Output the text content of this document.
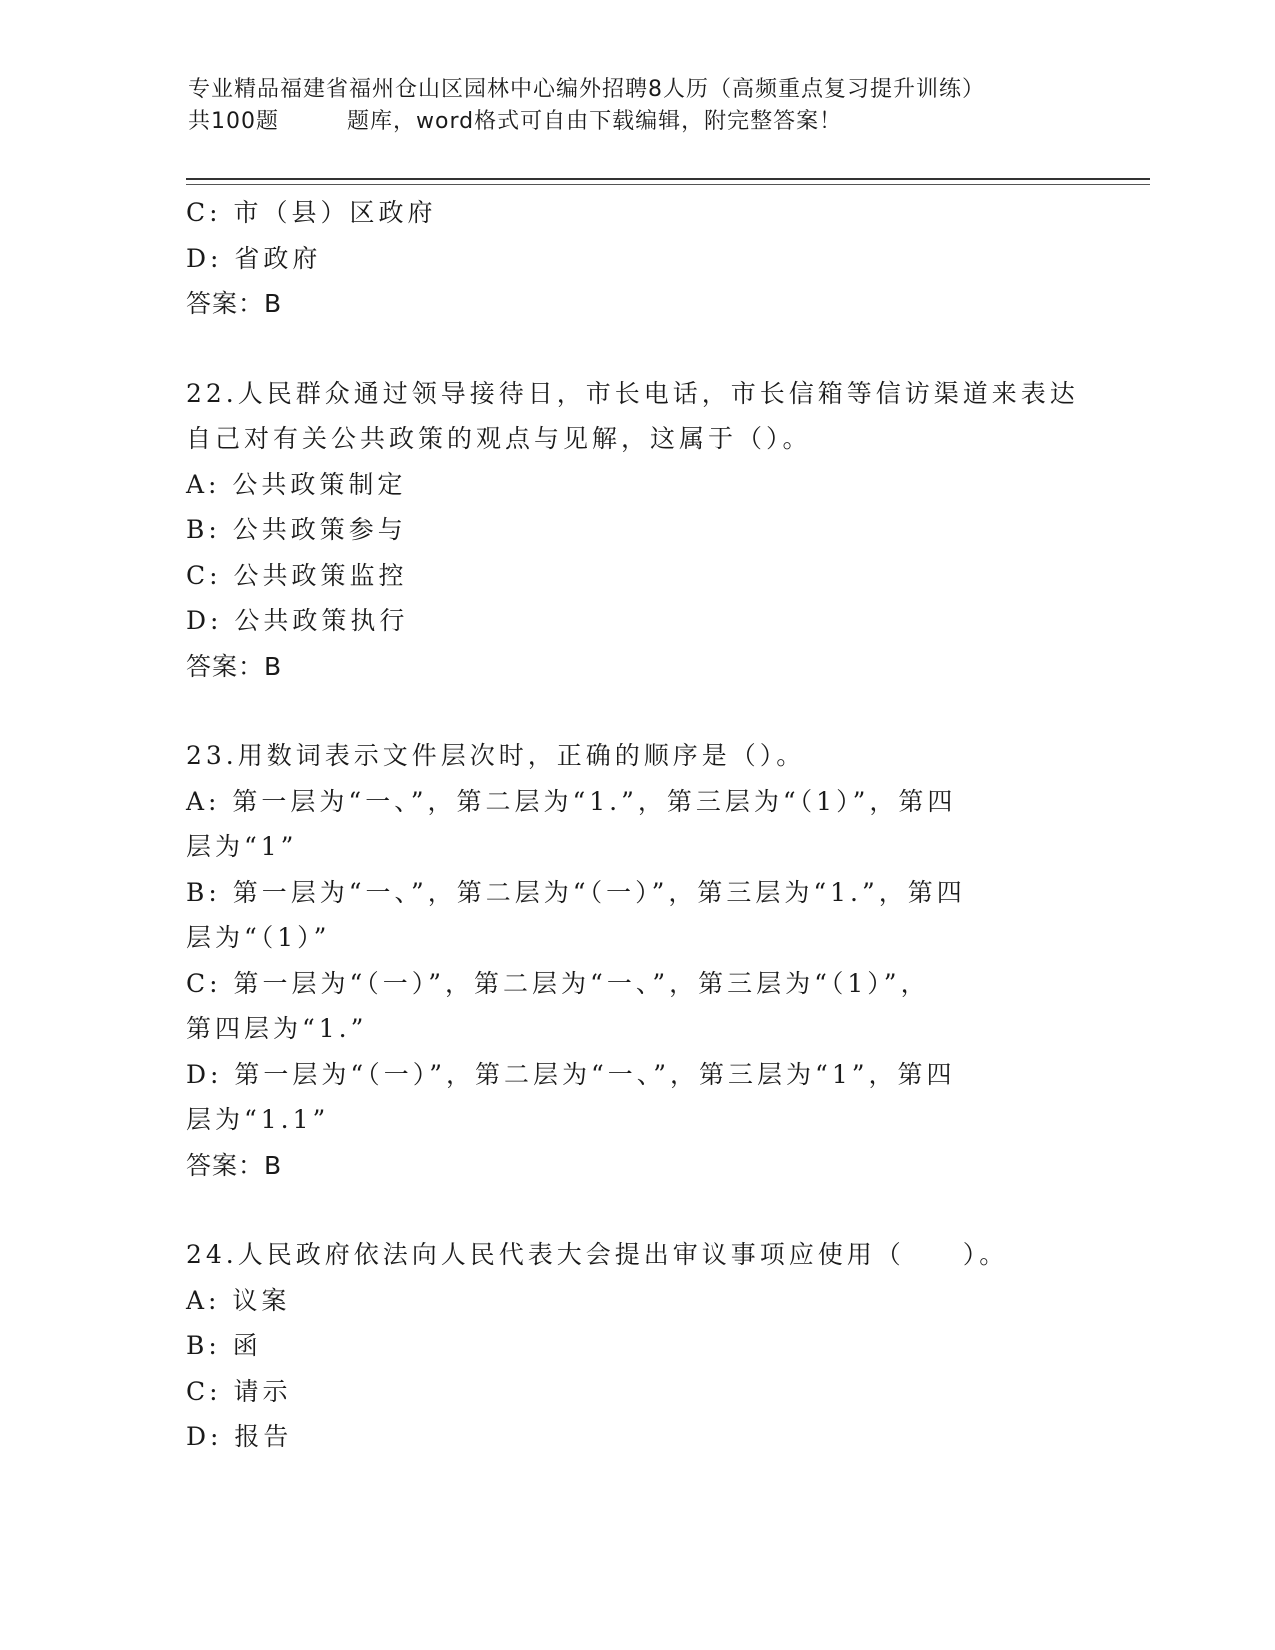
专业精品福建省福州仓山区园林中心编外招聘8人历（高频重点复习提升训练）
共100题	题库，word格式可自由下载编辑，附完整答案！
C: 市（县）区政府
D: 省政府
答案：B
22.人民群众通过领导接待日，市长电话，市长信箱等信访渠道来表达
自己对有关公共政策的观点与见解，这属于（）。
A: 公共政策制定
B: 公共政策参与
C: 公共政策监控
D: 公共政策执行
答案：B
23.用数词表示文件层次时，正确的顺序是（）。
A: 第一层为“一、”，第二层为“1.”，第三层为“（1）”，第四
层为“1”
B: 第一层为“一、”，第二层为“（一）”，第三层为“1.”，第四
层为“（1）”
C: 第一层为“（一）”，第二层为“一、”，第三层为“（1）”，
第四层为“1.”
D: 第一层为“（一）”，第二层为“一、”，第三层为“1”，第四
层为“1.1”
答案：B
24.人民政府依法向人民代表大会提出审议事项应使用（　　）。
A: 议案
B: 函
C: 请示
D: 报告
